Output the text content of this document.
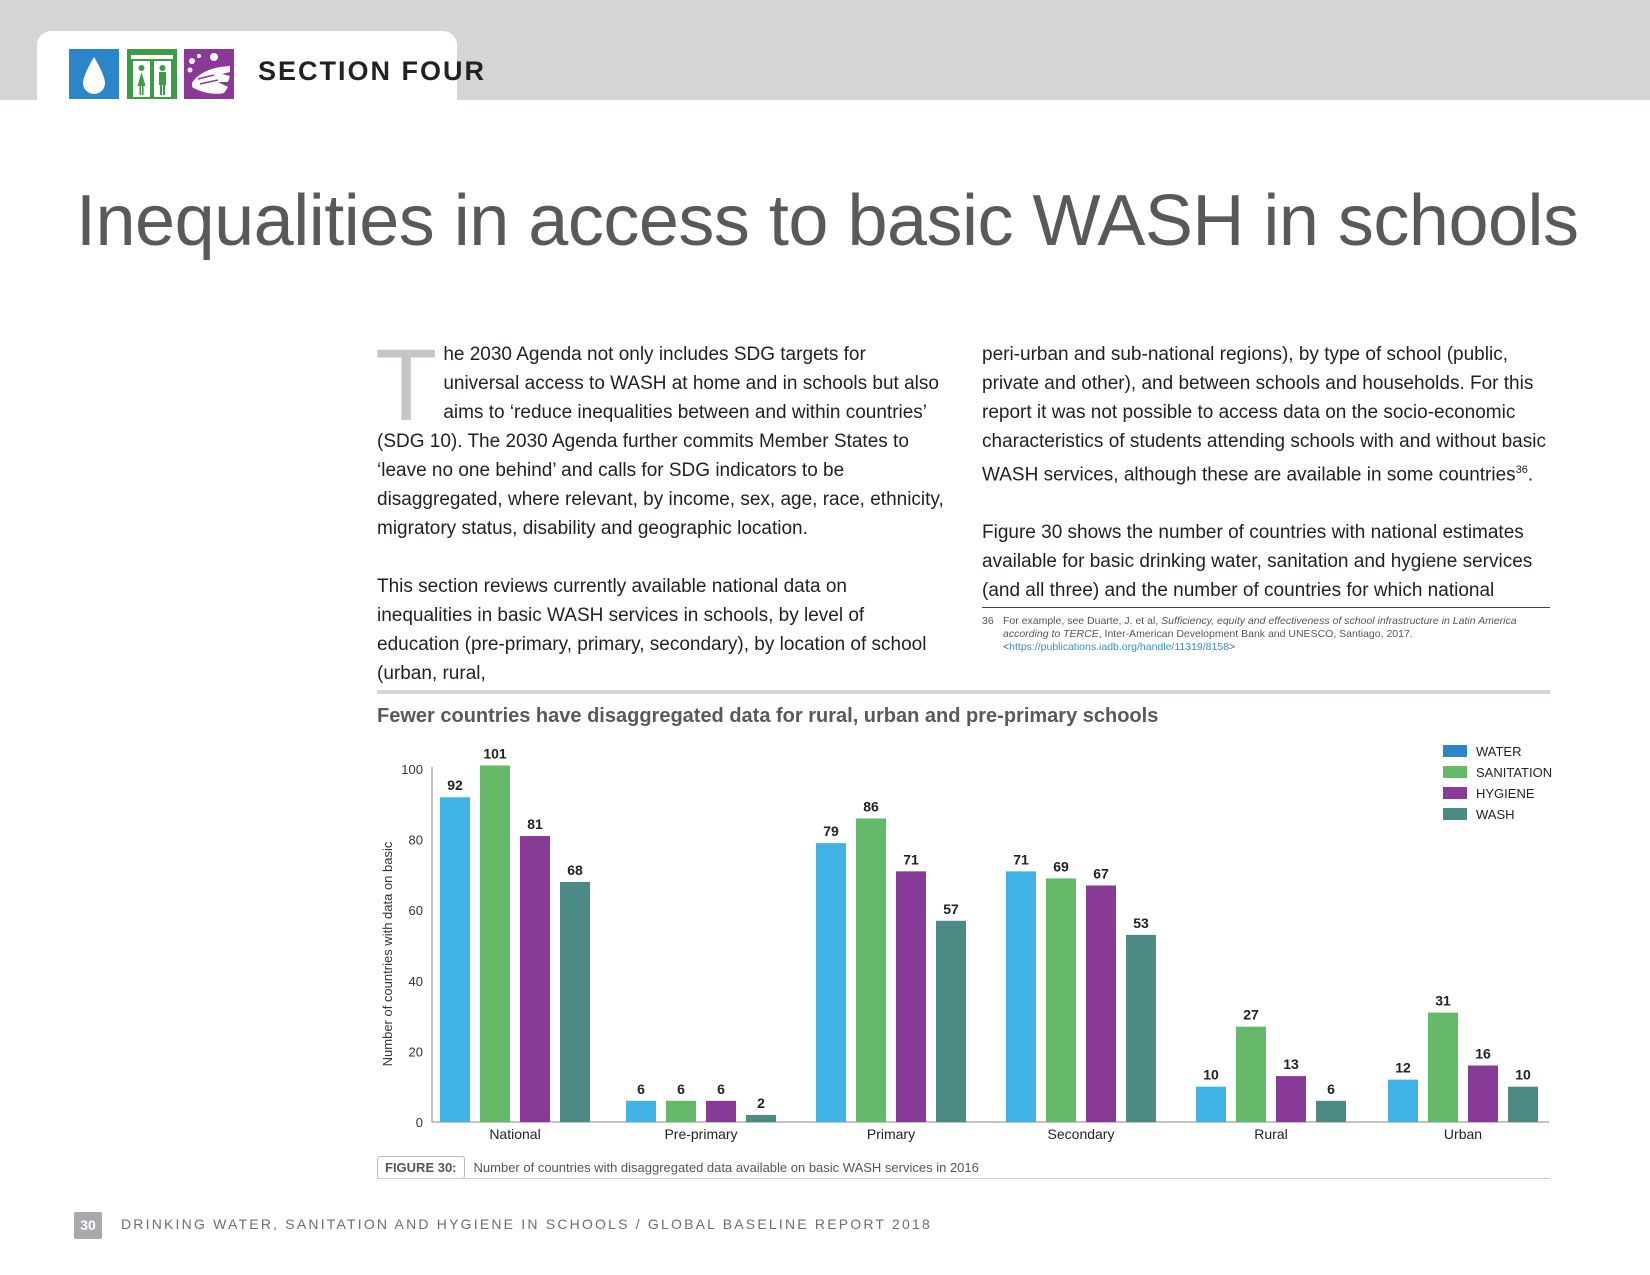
SECTION FOUR
Inequalities in access to basic WASH in schools

The 2030 Agenda not only includes SDG targets for universal access to WASH at home and in schools but also aims to ‘reduce inequalities between and within countries’ (SDG 10). The 2030 Agenda further commits Member States to ‘leave no one behind’ and calls for SDG indicators to be disaggregated, where relevant, by income, sex, age, race, ethnicity, migratory status, disability and geographic location.

This section reviews currently available national data on inequalities in basic WASH services in schools, by level of education (pre-primary, primary, secondary), by location of school (urban, rural,

peri-urban and sub-national regions), by type of school (public, private and other), and between schools and households. For this report it was not possible to access data on the socio-economic characteristics of students attending schools with and without basic WASH services, although these are available in some countries$^{36}$.

Figure 30 shows the number of countries with national estimates available for basic drinking water, sanitation and hygiene services (and all three) and the number of countries for which national

36 For example, see Duarte, J. et al, Sufficiency, equity and effectiveness of school infrastructure in Latin America according to TERCE, Inter-American Development Bank and UNESCO, Santiago, 2017. <https://publications.iadb.org/handle/11319/8158>
Fewer countries have disaggregated data for rural, urban and pre-primary schools
0
20
40
60
80
100
Number of countries with data on basic
92
101
81
68
National
6 6 6
2
Pre-primary
79
86
71
57
Primary
71 69 67
53
Secondary
10
27
13
6
Rural
12
31
16
10
Urban
WATER
SANITATION
HYGIENE
WASH
FIGURE 30:	Number of countries with disaggregated data available on basic WASH services in 2016
30	DRINKING WATER, SANITATION AND HYGIENE IN SCHOOLS / GLOBAL BASELINE REPORT 2018
